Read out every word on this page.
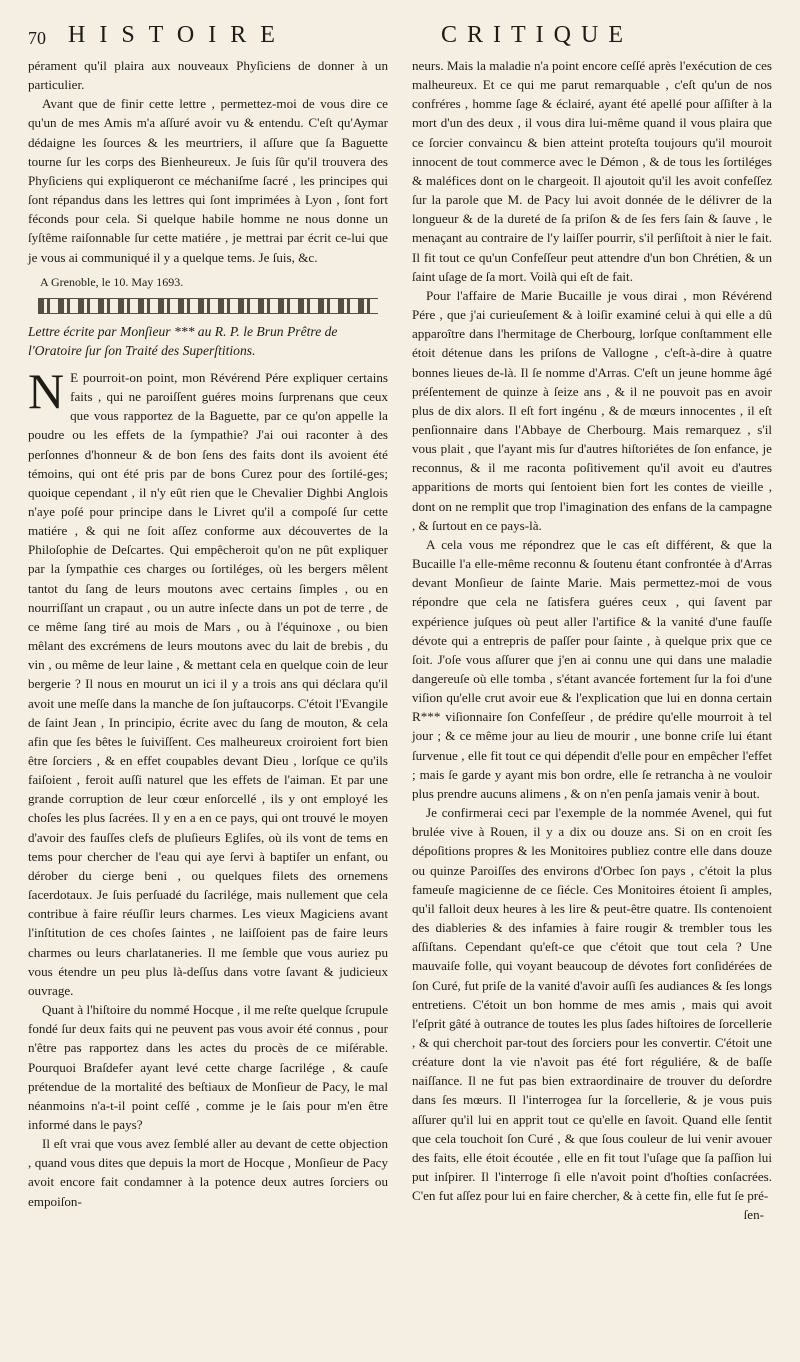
70 HISTOIRE	CRITIQUE

pérament qu'il plaira aux nouveaux Phyſiciens de donner à un particulier.

Avant que de finir cette lettre , permettez-moi de vous dire ce qu'un de mes Amis m'a aſſuré avoir vu & entendu. C'eſt qu'Aymar dédaigne les ſources & les meurtriers, il aſſure que ſa Baguette tourne ſur les corps des Bienheureux. Je ſuis ſûr qu'il trouvera des Phyſiciens qui expliqueront ce méchaniſme ſacré , les principes qui ſont répandus dans les lettres qui ſont imprimées à Lyon , ſont fort féconds pour cela. Si quelque habile homme ne nous donne un ſyſtême raiſonnable ſur cette matiére , je mettrai par écrit ce-lui que je vous ai communiqué il y a quelque tems. Je ſuis, &c.

A Grenoble, le 10. May 1693.

Lettre écrite par Monſieur *** au R. P. le Brun Prêtre de l'Oratoire ſur ſon Traité des Superſtitions.

N E pourroit-on point, mon Révérend Pére expliquer certains faits , qui ne paroiſſent guéres moins ſurprenans que ceux que vous rapportez de la Baguette, par ce qu'on appelle la poudre ou les effets de la ſympathie? J'ai oui raconter à des perſonnes d'honneur & de bon ſens des faits dont ils avoient été témoins, qui ont été pris par de bons Curez pour des ſortilé-ges; quoique cependant , il n'y eût rien que le Chevalier Dighbi Anglois n'aye poſé pour principe dans le Livret qu'il a compoſé ſur cette matiére , & qui ne ſoit aſſez conforme aux découvertes de la Philoſophie de Deſcartes. Qui empêcheroit qu'on ne pût expliquer par la ſympathie ces charges ou ſortiléges, où les bergers mêlent tantot du ſang de leurs moutons avec certains ſimples , ou en nourriſſant un crapaut , ou un autre inſecte dans un pot de terre , de ce même ſang tiré au mois de Mars , ou à l'équinoxe , ou bien mêlant des excrémens de leurs moutons avec du lait de brebis , du vin , ou même de leur laine , & mettant cela en quelque coin de leur bergerie ? Il nous en mourut un ici il y a trois ans qui déclara qu'il avoit une meſſe dans la manche de ſon juſtaucorps. C'étoit l'Evangile de ſaint Jean , In principio, écrite avec du ſang de mouton, & cela afin que ſes bêtes le ſuiviſſent. Ces malheureux croiroient fort bien être ſorciers , & en effet coupables devant Dieu , lorſque ce qu'ils faiſoient , feroit auſſi naturel que les effets de l'aiman. Et par une grande corruption de leur cœur enſorcellé , ils y ont employé les choſes les plus ſacrées. Il y en a en ce pays, qui ont trouvé le moyen d'avoir des fauſſes clefs de pluſieurs Egliſes, où ils vont de tems en tems pour chercher de l'eau qui aye ſervi à baptiſer un enfant, ou dérober du cierge beni , ou quelques filets des ornemens ſacerdotaux. Je ſuis perſuadé du ſacrilége, mais nullement que cela contribue à faire réuſſir leurs charmes. Les vieux Magiciens avant l'inſtitution de ces choſes ſaintes , ne laiſſoient pas de faire leurs charmes ou leurs charlataneries. Il me ſemble que vous auriez pu vous étendre un peu plus là-deſſus dans votre ſavant & judicieux ouvrage.

Quant à l'hiſtoire du nommé Hocque , il me reſte quelque ſcrupule fondé ſur deux faits qui ne peuvent pas vous avoir été connus , pour n'être pas rapportez dans les actes du procès de ce miſérable. Pourquoi Braſdefer ayant levé cette charge ſacrilége , & cauſe prétendue de la mortalité des beſtiaux de Monſieur de Pacy, le mal néanmoins n'a-t-il point ceſſé , comme je le ſais pour m'en être informé dans le pays?

Il eſt vrai que vous avez ſemblé aller au devant de cette objection , quand vous dites que depuis la mort de Hocque , Monſieur de Pacy avoit encore fait condamner à la potence deux autres ſorciers ou empoiſon-

neurs. Mais la maladie n'a point encore ceſſé après l'exécution de ces malheureux. Et ce qui me parut remarquable , c'eſt qu'un de nos confréres , homme ſage & éclairé, ayant été apellé pour aſſiſter à la mort d'un des deux , il vous dira lui-même quand il vous plaira que ce ſorcier convaincu & bien atteint proteſta toujours qu'il mouroit innocent de tout commerce avec le Démon , & de tous les ſortiléges & maléfices dont on le chargeoit. Il ajoutoit qu'il les avoit confeſſez ſur la parole que M. de Pacy lui avoit donnée de le délivrer de la longueur & de la dureté de ſa priſon & de ſes fers ſain & ſauve , le menaçant au contraire de l'y laiſſer pourrir, s'il perſiſtoit à nier le fait. Il fit tout ce qu'un Confeſſeur peut attendre d'un bon Chrétien, & un ſaint uſage de ſa mort. Voilà qui eſt de fait.

Pour l'affaire de Marie Bucaille je vous dirai , mon Révérend Pére , que j'ai curieuſement & à loiſir examiné celui à qui elle a dû apparoître dans l'hermitage de Cherbourg, lorſque conſtamment elle étoit détenue dans les priſons de Vallogne , c'eſt-à-dire à quatre bonnes lieues de-là. Il ſe nomme d'Arras. C'eſt un jeune homme âgé préſentement de quinze à ſeize ans , & il ne pouvoit pas en avoir plus de dix alors. Il eſt fort ingénu , & de mœurs innocentes , il eſt penſionnaire dans l'Abbaye de Cherbourg. Mais remarquez , s'il vous plait , que l'ayant mis ſur d'autres hiſtoriétes de ſon enfance, je reconnus, & il me raconta poſitivement qu'il avoit eu d'autres apparitions de morts qui ſentoient bien fort les contes de vieille , dont on ne remplit que trop l'imagination des enfans de la campagne , & ſurtout en ce pays-là.

A cela vous me répondrez que le cas eſt différent, & que la Bucaille l'a elle-même reconnu & ſoutenu étant confrontée à d'Arras devant Monſieur de ſainte Marie. Mais permettez-moi de vous répondre que cela ne ſatisfera guéres ceux , qui ſavent par expérience juſques où peut aller l'artifice & la vanité d'une fauſſe dévote qui a entrepris de paſſer pour ſainte , à quelque prix que ce ſoit. J'oſe vous aſſurer que j'en ai connu une qui dans une maladie dangereuſe où elle tomba , s'étant avancée fortement ſur la foi d'une viſion qu'elle crut avoir eue & l'explication que lui en donna certain R*** viſionnaire ſon Confeſſeur , de prédire qu'elle mourroit à tel jour ; & ce même jour au lieu de mourir , une bonne criſe lui étant ſurvenue , elle fit tout ce qui dépendit d'elle pour en empêcher l'effet ; mais ſe garde y ayant mis bon ordre, elle ſe retrancha à ne vouloir plus prendre aucuns alimens , & on n'en penſa jamais venir à bout.

Je confirmerai ceci par l'exemple de la nommée Avenel, qui fut brulée vive à Rouen, il y a dix ou douze ans. Si on en croit ſes dépoſitions propres & les Monitoires publiez contre elle dans douze ou quinze Paroiſſes des environs d'Orbec ſon pays , c'étoit la plus fameuſe magicienne de ce ſiécle. Ces Monitoires étoient ſi amples, qu'il falloit deux heures à les lire & peut-être quatre. Ils contenoient des diableries & des infamies à faire rougir & trembler tous les aſſiſtans. Cependant qu'eſt-ce que c'étoit que tout cela ? Une mauvaiſe folle, qui voyant beaucoup de dévotes fort conſidérées de ſon Curé, fut priſe de la vanité d'avoir auſſi ſes audiances & ſes longs entretiens. C'étoit un bon homme de mes amis , mais qui avoit l'eſprit gâté à outrance de toutes les plus ſades hiſtoires de ſorcellerie , & qui cherchoit par-tout des ſorciers pour les convertir. C'étoit une créature dont la vie n'avoit pas été fort réguliére, & de baſſe naiſſance. Il ne fut pas bien extraordinaire de trouver du deſordre dans ſes mœurs. Il l'interrogea ſur la ſorcellerie, & je vous puis aſſurer qu'il lui en apprit tout ce qu'elle en ſavoit. Quand elle ſentit que cela touchoit ſon Curé , & que ſous couleur de lui venir avouer des faits, elle étoit écoutée , elle en fit tout l'uſage que ſa paſſion lui put inſpirer. Il l'interroge ſi elle n'avoit point d'hoſties conſacrées. C'en fut aſſez pour lui en faire chercher, & à cette fin, elle fut ſe pré-

ſen-
